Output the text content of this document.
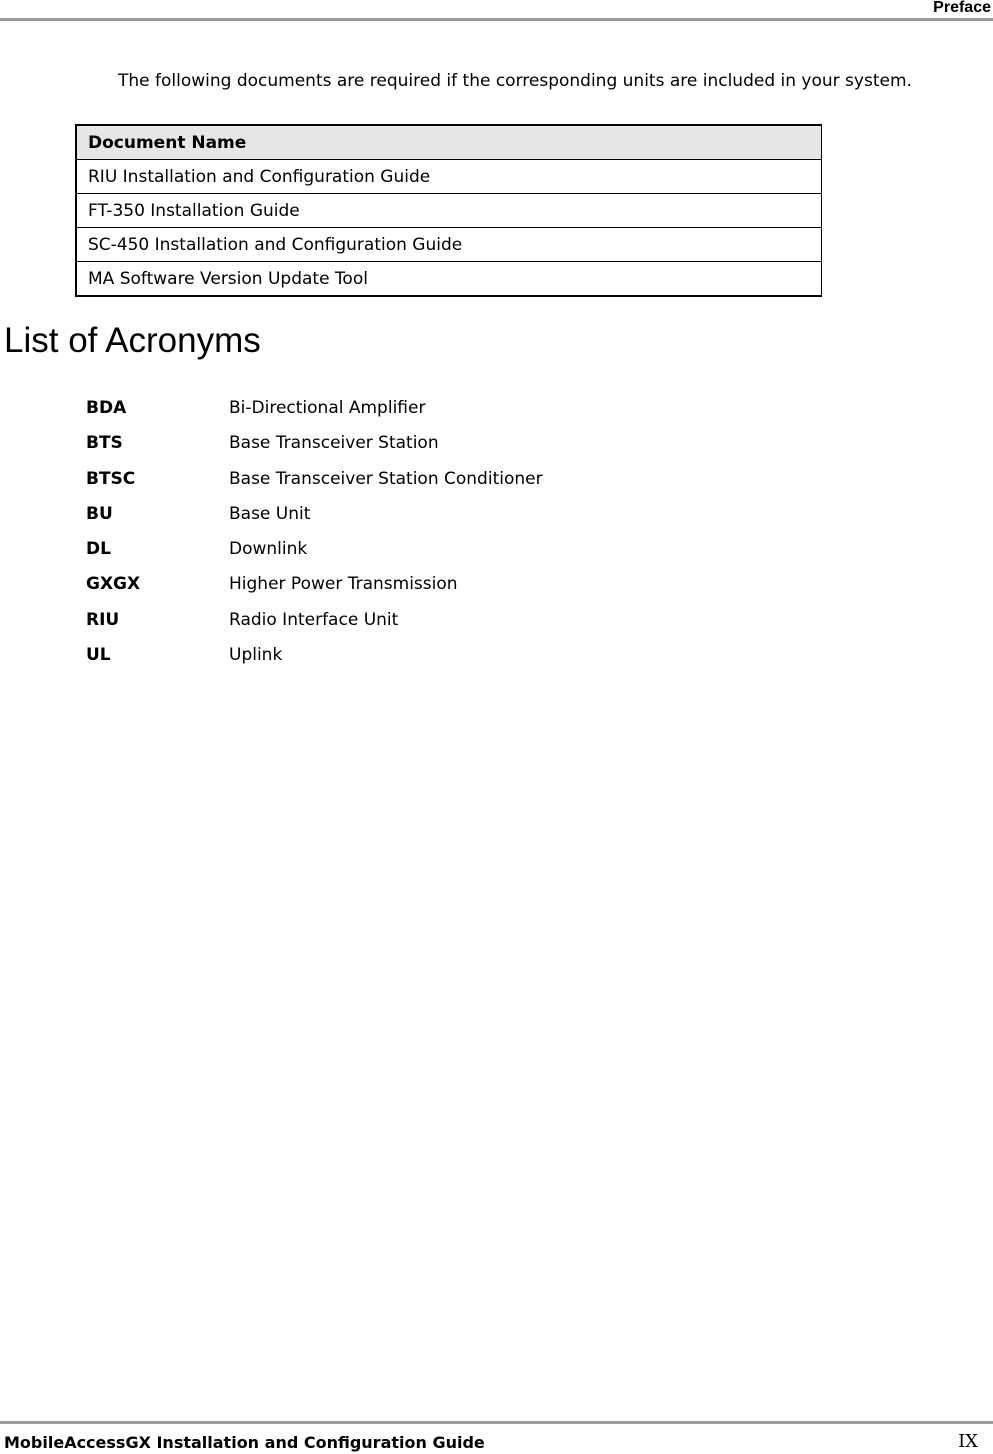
Preface

The following documents are required if the corresponding units are included in your system.

Document Name
RIU Installation and Configuration Guide
FT-350 Installation Guide
SC-450 Installation and Configuration Guide
MA Software Version Update Tool
List of Acronyms
BDA	Bi-Directional Amplifier
BTS	Base Transceiver Station
BTSC	Base Transceiver Station Conditioner
BU	Base Unit
DL	Downlink
GXGX	Higher Power Transmission
RIU	Radio Interface Unit
UL	Uplink
MobileAccessGX Installation and Configuration Guide	IX
